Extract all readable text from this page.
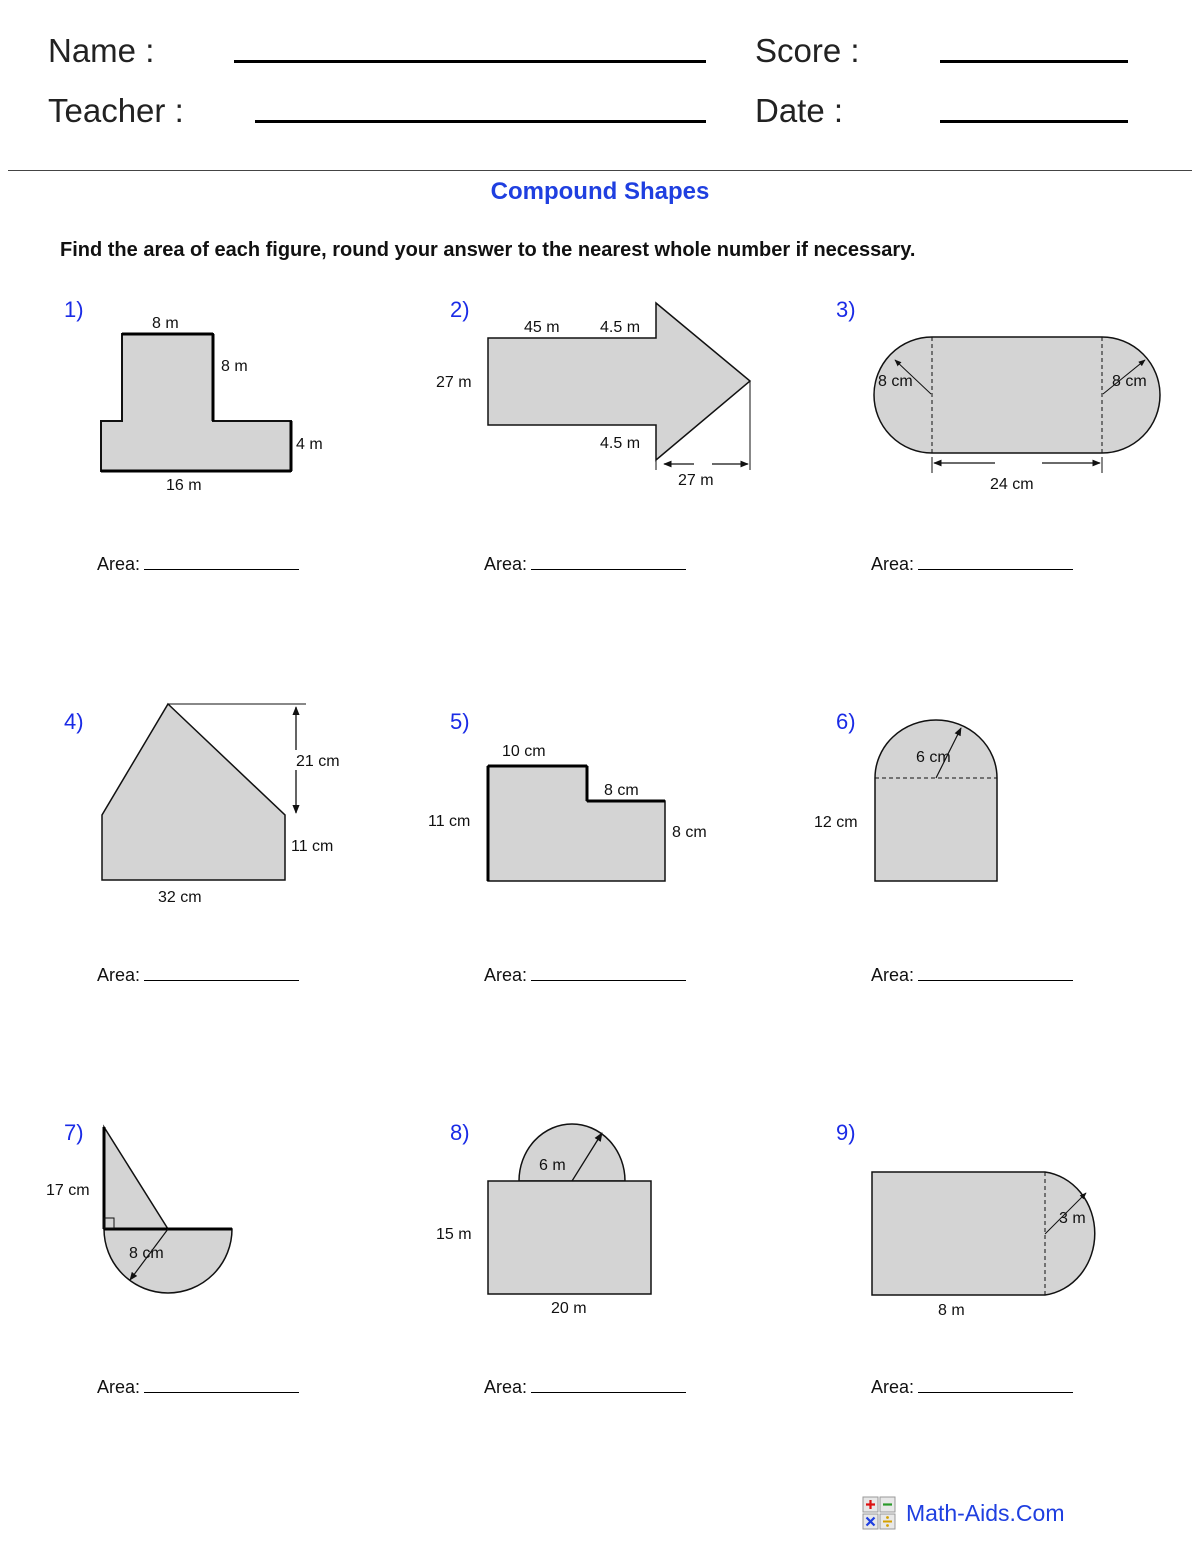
Name :
Teacher :
Score :
Date :
Compound Shapes
Find the area of each figure, round your answer to the nearest whole number if necessary.
1)	2)	3)
4)	5)	6)
7)	8)	9)
8 m
8 m
4 m
16 m
45 m	4.5 m
27 m
4.5 m
27 m
8 cm	8 cm
24 cm
21 cm
11 cm
32 cm
10 cm
8 cm
11 cm
8 cm
6 cm
12 cm
17 cm
8 cm
6 m
15 m
20 m
3 m
8 m
Area:	Area:	Area:
Area:	Area:	Area:
Area:	Area:	Area:
Math-Aids.Com
